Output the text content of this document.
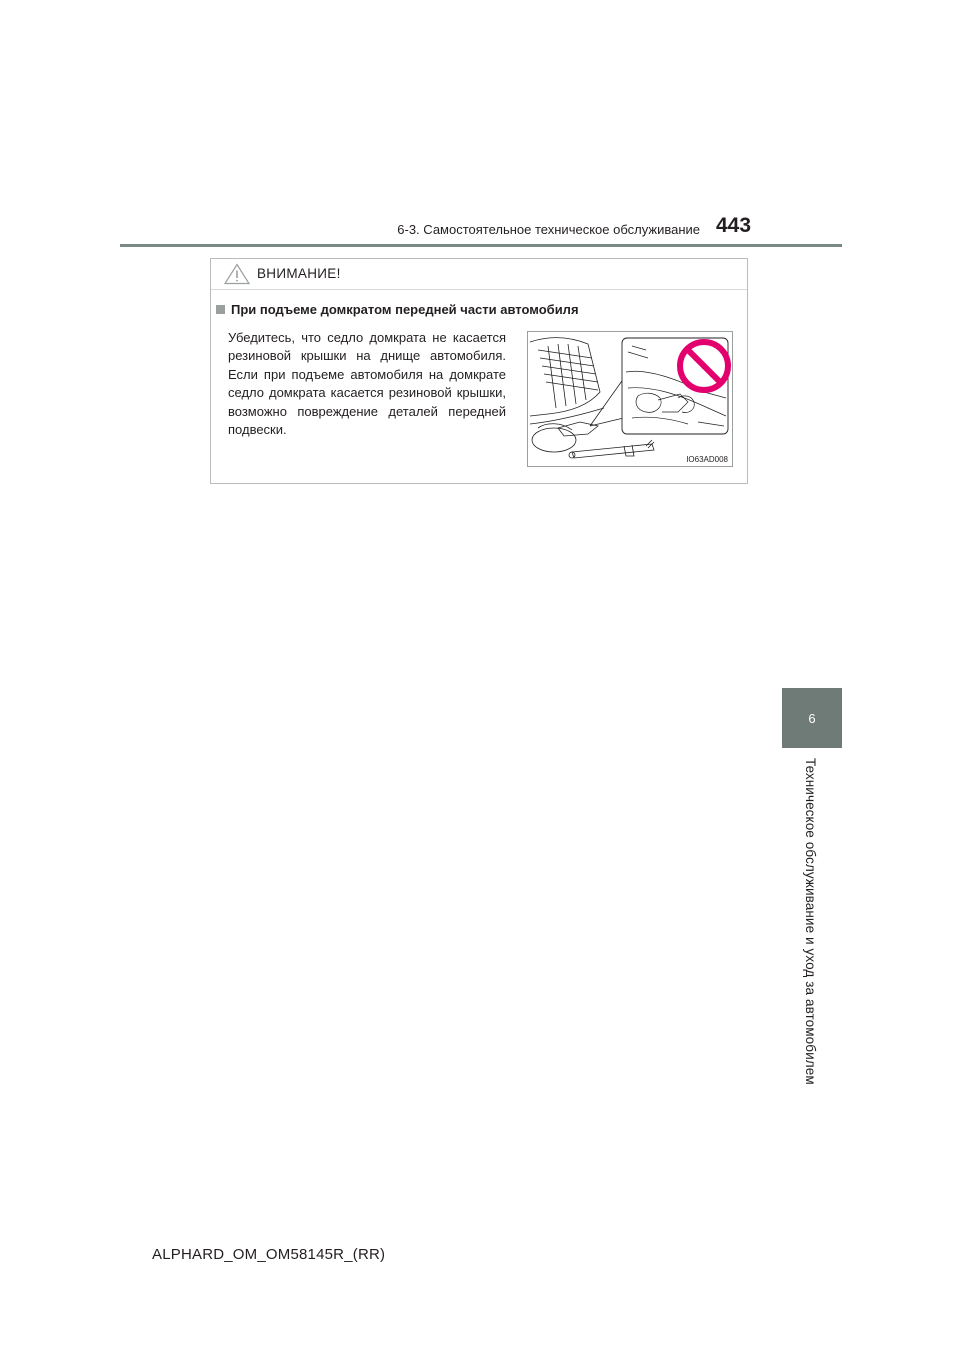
6-3. Самостоятельное техническое обслуживание 443
6
Техническое обслуживание и уход за автомобилем
ВНИМАНИЕ!
При подъеме домкратом передней части автомобиля
Убедитесь, что седло домкрата не касается резиновой крышки на днище автомобиля. Если при подъеме автомобиля на домкрате седло домкрата касается резиновой крышки, возможно повреждение деталей передней подвески.
IO63AD008
ALPHARD_OM_OM58145R_(RR)
